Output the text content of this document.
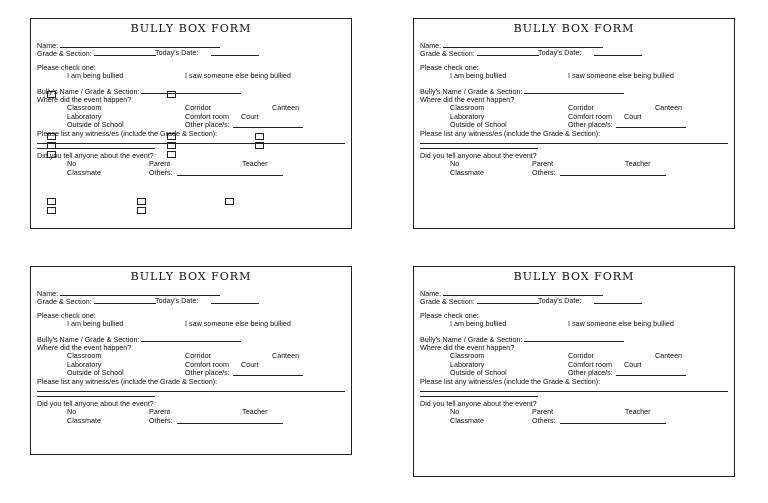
BULLY BOX FORM
Name:
Grade & Section:	Today's Date:
Please check one:
I am being bullied	I saw someone else being bullied
Bully's Name / Grade & Section:
Where did the event happen?
Classroom	Corridor	Canteen
Laboratory	Comfort room Court
Outside of School	Other place/s:
Please list any witness/es (include the Grade & Section):
Did you tell anyone about the event?
No	Parent	Teacher
Classmate	Others:
BULLY BOX FORM
Name:
Grade & Section:	Today's Date:
Please check one:
I am being bullied	I saw someone else being bullied
Bully's Name / Grade & Section:
Where did the event happen?
Classroom	Corridor	Canteen
Laboratory	Comfort room Court
Outside of School	Other place/s:
Please list any witness/es (include the Grade & Section):
Did you tell anyone about the event?
No	Parent	Teacher
Classmate	Others:
BULLY BOX FORM
Name:
Grade & Section:	Today's Date:
Please check one:
I am being bullied	I saw someone else being bullied
Bully's Name / Grade & Section:
Where did the event happen?
Classroom	Corridor	Canteen
Laboratory	Comfort room Court
Outside of School	Other place/s:
Please list any witness/es (include the Grade & Section):
Did you tell anyone about the event?
No	Parent	Teacher
Classmate	Others:
BULLY BOX FORM
Name:
Grade & Section:	Today's Date:
Please check one:
I am being bullied	I saw someone else being bullied
Bully's Name / Grade & Section:
Where did the event happen?
Classroom	Corridor	Canteen
Laboratory	Comfort room Court
Outside of School	Other place/s:
Please list any witness/es (include the Grade & Section):
Did you tell anyone about the event?
No	Parent	Teacher
Classmate	Others:
